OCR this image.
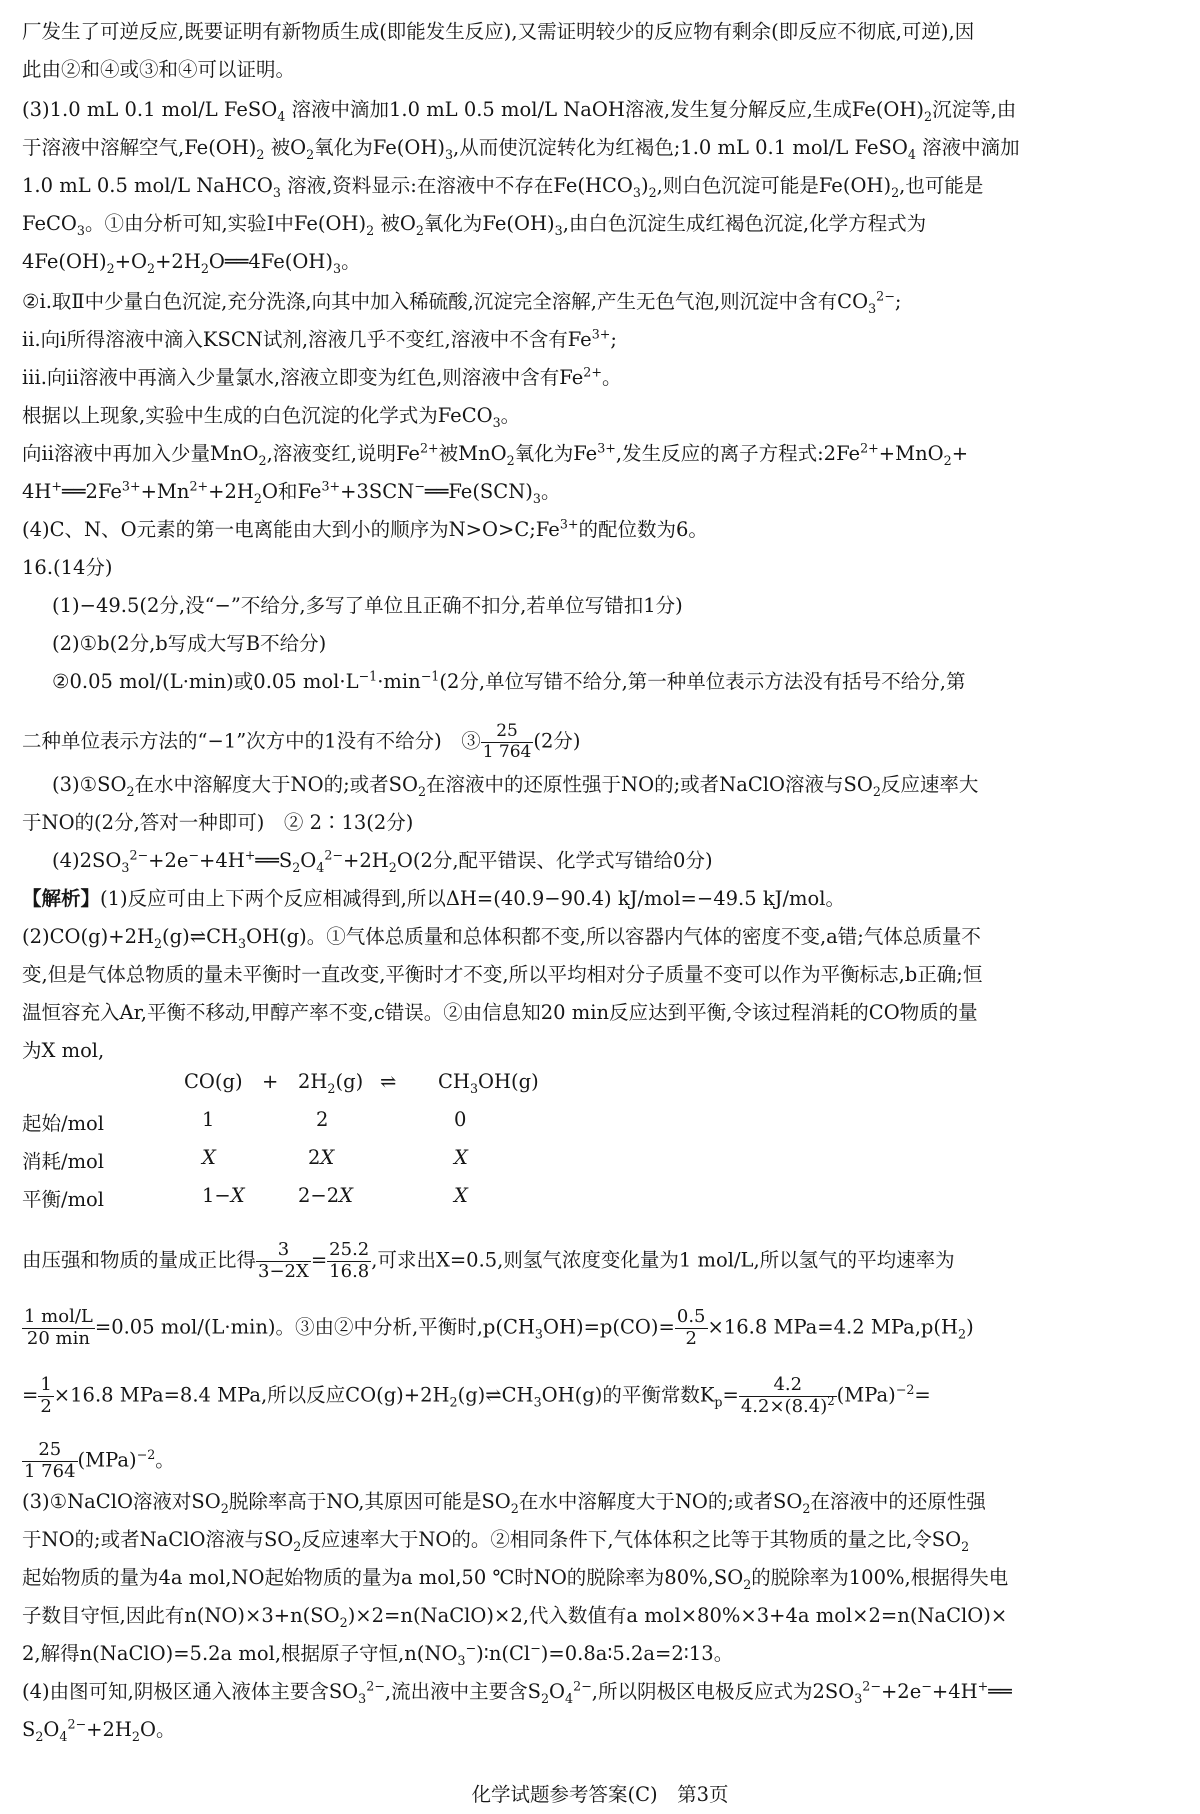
厂发生了可逆反应,既要证明有新物质生成(即能发生反应),又需证明较少的反应物有剩余(即反应不彻底,可逆),因
此由②和④或③和④可以证明。
(3)1.0 mL 0.1 mol/L FeSO$_4$ 溶液中滴加1.0 mL 0.5 mol/L NaOH溶液,发生复分解反应,生成$Fe(OH)_2$沉淀等,由
于溶液中溶解空气$,Fe(OH)_2$ 被$O_2$氧化为$Fe(OH)_3$,从而使沉淀转化为红褐色;1.0 mL 0.1 mol/L FeSO$_4$ 溶液中滴加
1.0 mL 0.5 mol/L NaHCO$_3$ 溶液,资料显示:在溶液中不存在$Fe(HCO_3)_2$,则白色沉淀可能是$Fe(OH)_2$,也可能是
FeCO$_3$。①由分析可知,实验Ⅰ中$Fe(OH)_2$ 被$O_2$氧化为$Fe(OH)_3$,由白色沉淀生成红褐色沉淀,化学方程式为
$4Fe(OH)_2+O_2+2H_2O══4Fe(OH)_3$。
②ⅰ.取Ⅱ中少量白色沉淀,充分洗涤,向其中加入稀硫酸,沉淀完全溶解,产生无色气泡,则沉淀中含有$CO_3^{2-}$;
ⅱ.向ⅰ所得溶液中滴入KSCN试剂,溶液几乎不变红,溶液中不含有$Fe^{3+}$;
ⅲ.向ⅱ溶液中再滴入少量氯水,溶液立即变为红色,则溶液中含有$Fe^{2+}$。
根据以上现象,实验中生成的白色沉淀的化学式为FeCO$_3$。
向ⅱ溶液中再加入少量MnO$_2$,溶液变红,说明$Fe^{2+}$被MnO$_2$氧化为$Fe^{3+}$,发生反应的离子方程式$:2Fe^{2+}+MnO_2+$
$4H^+══2Fe^{3+}+Mn^{2+}+2H_2O$和$Fe^{3+}+3SCN^-══Fe(SCN)_3$。
(4)C、N、O元素的第一电离能由大到小的顺序为$N>O>C;Fe^{3+}$的配位数为6。
16.(14分)
(1)−49.5(2分,没“−”不给分,多写了单位且正确不扣分,若单位写错扣1分)
(2)①b(2分,b写成大写B不给分)
②0.05 mol/(L·min)或0.05 $mol\cdot L^{-1}\cdot\min^{-1}(2$分,单位写错不给分,第一种单位表示方法没有括号不给分,第
二种单位表示方法的“−1”次方中的1没有不给分)　③ $\frac{25}{1 764} (2$分)
$(3)①SO_2$在水中溶解度大于NO的;或者$SO_2$在溶液中的还原性强于NO的;或者NaClO溶液与$SO_2$反应速率大
于NO的(2分,答对一种即可)　② 2∶13(2分)
$(4)2SO_3^{2-}+2e^-+4H^+══S_2O_4^{2-}+2H_2O(2$分,配平错误、化学式写错给0分)
【解析】(1)反应可由上下两个反应相减得到,所以ΔH=(40.9−90.4) kJ/mol=−49.5 kJ/mol。
$(2)CO(g)+2H_2(g)\rightleftharpoons CH_3OH(g)$。①气体总质量和总体积都不变,所以容器内气体的密度不变,a错;气体总质量不
变,但是气体总物质的量未平衡时一直改变,平衡时才不变,所以平均相对分子质量不变可以作为平衡标志,b正确;恒
温恒容充入Ar,平衡不移动,甲醇产率不变,c错误。②由信息知20 min反应达到平衡,令该过程消耗的CO物质的量
为X mol,
由压强和物质的量成正比得 $\frac{3}{3-2X} = \frac{25.2}{16.8}$ ,可求出X=0.5,则氢气浓度变化量为1 mol/L,所以氢气的平均速率为
1 mol/L
20 min =0.05 mol/(L·min)。③由②中分析,平衡时$,p(CH_3OH)=p(CO)= \frac{0.5}{2} \times 16.8$ MPa=4.2 $MPa,p(H_2)$
= $\frac{1}{2} \times 16.8$ MPa=8.4 MPa,所以反应$CO(g)+2H_2(g)\rightleftharpoons CH_3OH(g)$的平衡常数$K_p= \frac{4.2}{4.2\times(8.4)^2} (MPa)^{-2}=$
$\frac{25}{1 764} (MPa)^{-2}$。
(3)①NaClO溶液对$SO_2$脱除率高于NO,其原因可能是$SO_2$在水中溶解度大于NO的;或者$SO_2$在溶液中的还原性强
于NO的;或者NaClO溶液与$SO_2$反应速率大于NO的。②相同条件下,气体体积之比等于其物质的量之比,令$SO_2$
起始物质的量为4a mol,NO起始物质的量为a mol,50 ℃时NO的脱除率为$80\%,SO_2$的脱除率为100%,根据得失电
子数目守恒,因此有$n(NO)\times 3+n(SO_2)\times 2=n(NaClO)\times 2$,代入数值有a mol×80%×3+4a mol×2=n(NaClO)×
2,解得n(NaClO)=5.2a mol,根据原子守恒$,n(NO_3^-)∶n(Cl^-)=0.8a∶5.2a=2∶13$。
(4)由图可知,阴极区通入液体主要含$SO_3^{2-}$,流出液中主要含$S_2O_4^{2-}$,所以阴极区电极反应式为$2SO_3^{2-}+2e^-+4H^+══$
$S_2O_4^{2-}+2H_2O$。
$CO(g) + 2H_2(g)$ ⇌ $CH_3OH(g)$
起始/mol	1	2	0
消耗/mol	X	2X	X
平衡/mol	1−X	2−2X	X
化学试题参考答案(C)　第3页
